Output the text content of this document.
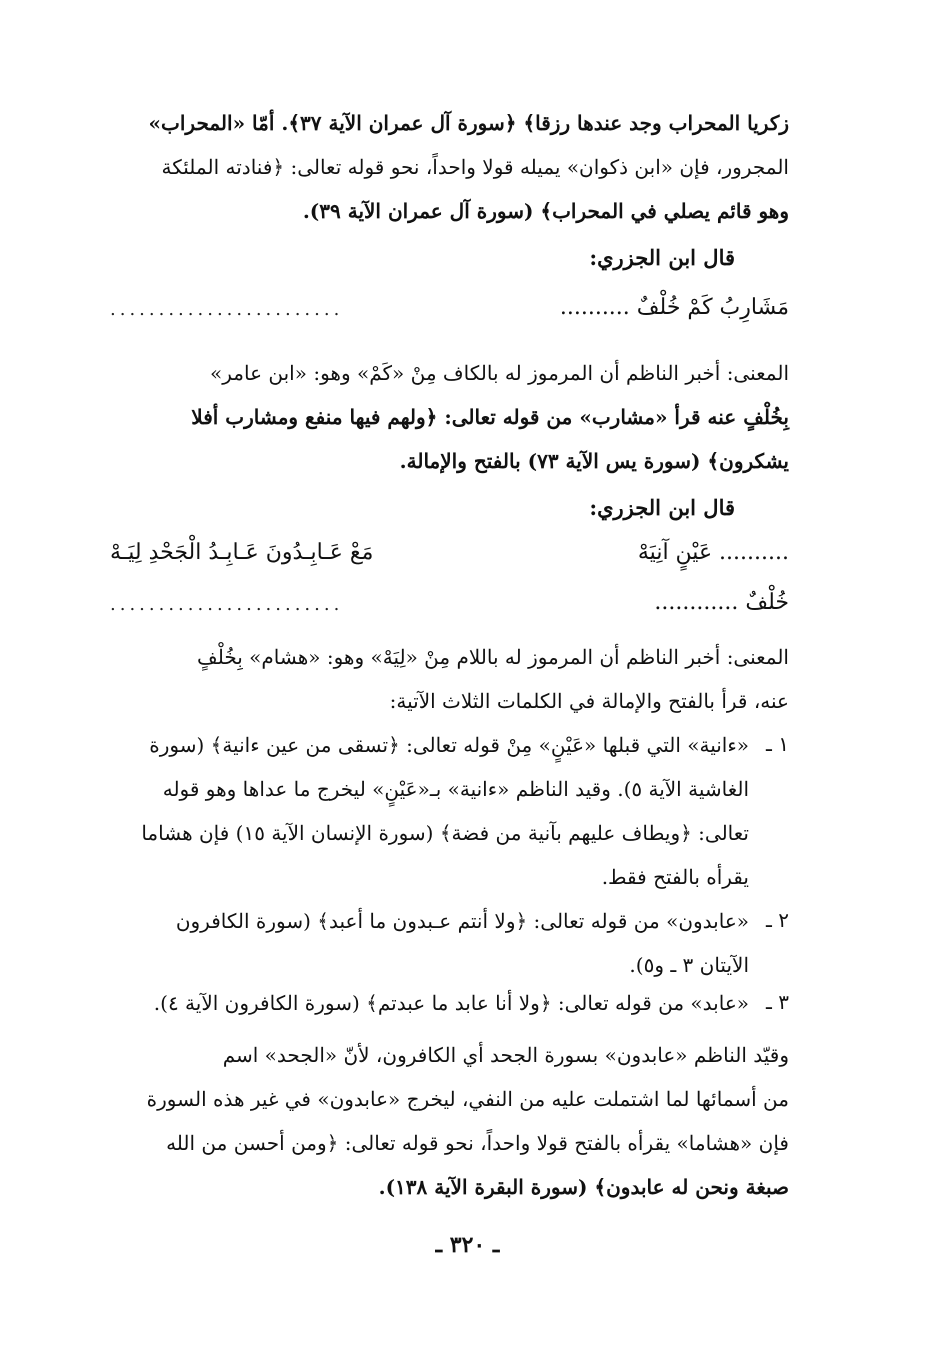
زكريا المحراب وجد عندها رزقا﴾ ﴿سورة آل عمران الآية ٣٧﴾. أمّا «المحراب»
المجرور، فإن «ابن ذكوان» يميله قولا واحداً، نحو قوله تعالى: ﴿فنادته الملئكة
وهو قائم يصلي في المحراب﴾ (سورة آل عمران الآية ٣٩).
قال ابن الجزري:
مَشَارِبُ كَمْ خُلْفٌ ..........
........................
المعنى: أخبر الناظم أن المرموز له بالكاف مِنْ «كَمْ» وهو: «ابن عامر»
بِخُلْفٍ عنه قرأ «مشارب» من قوله تعالى: ﴿ولهم فيها منفع ومشارب أفلا
يشكرون﴾ (سورة يس الآية ٧٣) بالفتح والإمالة.
قال ابن الجزري:
.......... عَيْنٍ آنِيَهْ
مَعْ عَـابِـدُونَ عَـابِـدُ الْجَحْدِ لِيَـهْ
خُلْفٌ ............
........................
المعنى: أخبر الناظم أن المرموز له باللام مِنْ «لِيَهْ» وهو: «هشام» بِخُلْفٍ
عنه، قرأ بالفتح والإمالة في الكلمات الثلاث الآتية:
١ ـ
«ءانية» التي قبلها «عَيْنٍ» مِنْ قوله تعالى: ﴿تسقى من عين ءانية﴾ (سورة
الغاشية الآية ٥). وقيد الناظم «ءانية» بـ«عَيْنٍ» ليخرج ما عداها وهو قوله
تعالى: ﴿ويطاف عليهم بآنية من فضة﴾ (سورة الإنسان الآية ١٥) فإن هشاما
يقرأه بالفتح فقط.
٢ ـ
«عابدون» من قوله تعالى: ﴿ولا أنتم عـبدون ما أعبد﴾ (سورة الكافرون
الآيتان ٣ ـ و٥).
٣ ـ
«عابد» من قوله تعالى: ﴿ولا أنا عابد ما عبدتم﴾ (سورة الكافرون الآية ٤).
وقيّد الناظم «عابدون» بسورة الجحد أي الكافرون، لأنّ «الجحد» اسم
من أسمائها لما اشتملت عليه من النفي، ليخرج «عابدون» في غير هذه السورة
فإن «هشاما» يقرأه بالفتح قولا واحداً، نحو قوله تعالى: ﴿ومن أحسن من الله
صبغة ونحن له عابدون﴾ (سورة البقرة الآية ١٣٨).
ـ ٣٢٠ ـ
